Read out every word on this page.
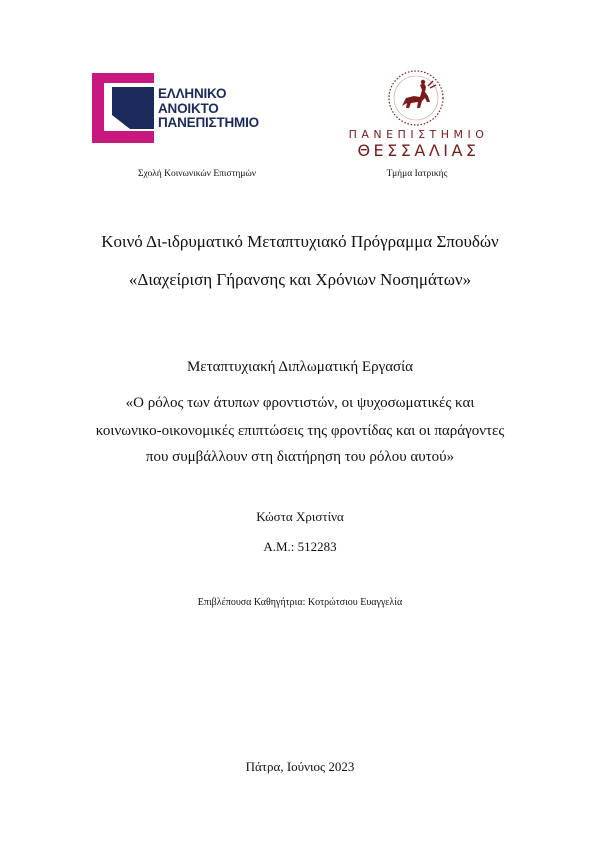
ΕΛΛΗΝΙΚΟ
ΑΝΟΙΚΤΟ
ΠΑΝΕΠΙΣΤΗΜΙΟ
ΠΑΝΕΠΙΣΤΗΜΙΟ
ΘΕΣΣΑΛΙΑΣ
Σχολή Κοινωνικών Επιστημών	Τμήμα Ιατρικής
Κοινό Δι-ιδρυματικό Μεταπτυχιακό Πρόγραμμα Σπουδών
«Διαχείριση Γήρανσης και Χρόνιων Νοσημάτων»
Μεταπτυχιακή Διπλωματική Εργασία
«Ο ρόλος των άτυπων φροντιστών, οι ψυχοσωματικές και
κοινωνικο-οικονομικές επιπτώσεις της φροντίδας και οι παράγοντες
που συμβάλλουν στη διατήρηση του ρόλου αυτού»
Κώστα Χριστίνα
Α.Μ.: 512283
Επιβλέπουσα Καθηγήτρια: Κοτρώτσιου Ευαγγελία
Πάτρα, Ιούνιος 2023
